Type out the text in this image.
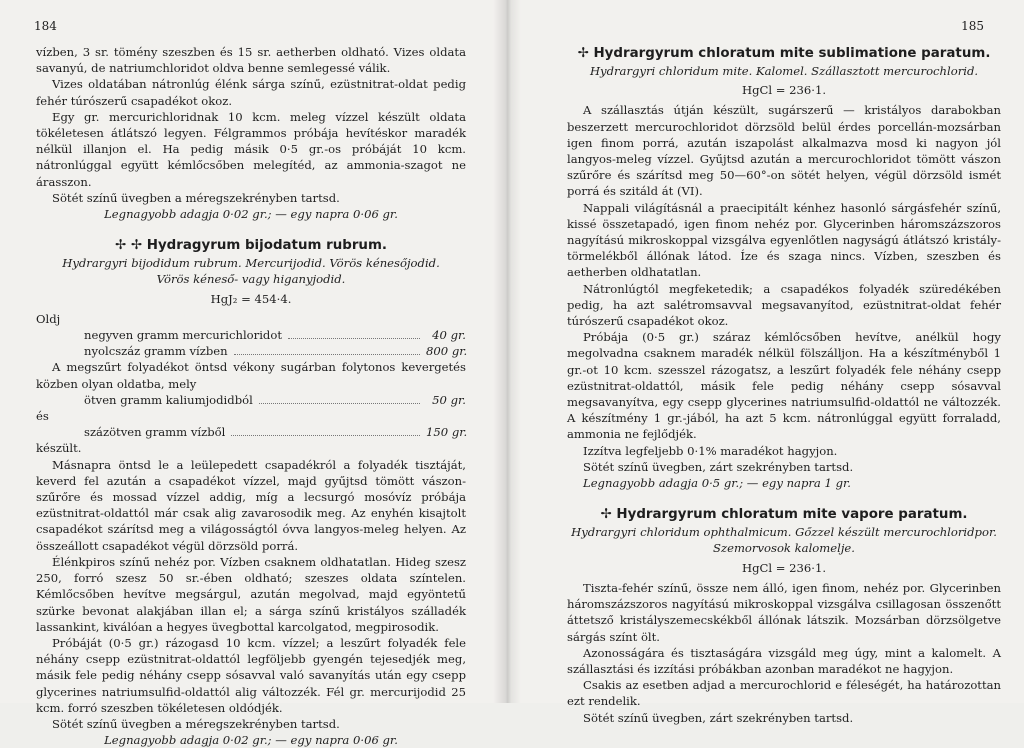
184

vízben, 3 sr. tömény szeszben és 15 sr. aetherben oldható. Vizes oldata savanyú, de natriumchloridot oldva benne semlegessé válik.

Vizes oldatában nátronlúg élénk sárga színű, ezüstnitrat-oldat pedig fehér túrószerű csapadékot okoz.

Egy gr. mercurichloridnak 10 kcm. meleg vízzel készült oldata tökéletesen átlátszó legyen. Félgrammos próbája hevítéskor maradék nélkül illanjon el. Ha pedig másik 0·5 gr.-os próbáját 10 kcm. nátronlúggal együtt kémlőcsőben melegítéd, az ammonia-szagot ne árasszon.

Sötét színű üvegben a méregszekrényben tartsd.

Legnagyobb adagja 0·02 gr.; — egy napra 0·06 gr.

✢ ✢ Hydragyrum bijodatum rubrum.

Hydrargyri bijodidum rubrum. Mercurijodid. Vörös kénesőjodid.

Vörös kéneső- vagy higanyjodid.

HgJ₂ = 454·4.

Oldj

negyven gramm mercurichloridot	40 gr.
nyolcszáz gramm vízben	800 gr.

A megszűrt folyadékot öntsd vékony sugárban folytonos kevergetés közben olyan oldatba, mely

ötven gramm kaliumjodidból	50 gr.

és

százötven gramm vízből	150 gr.

készült.

Másnapra öntsd le a leülepedett csapadékról a folyadék tisztáját, keverd fel azután a csapadékot vízzel, majd gyűjtsd tömött vászon-szűrőre és mossad vízzel addig, míg a lecsurgó mosóvíz próbája ezüstnitrat-oldattól már csak alig zavarosodik meg. Az enyhén kisajtolt csapadékot szárítsd meg a világosságtól óvva langyos-meleg helyen. Az összeállott csapadékot végül dörzsöld porrá.

Élénkpiros színű nehéz por. Vízben csaknem oldhatatlan. Hideg szesz 250, forró szesz 50 sr.-ében oldható; szeszes oldata színtelen. Kémlőcsőben hevítve megsárgul, azután megolvad, majd egyöntetű szürke bevonat alakjában illan el; a sárga színű kristályos szálladék lassankint, kiválóan a hegyes üvegbottal karcolgatod, megpirosodik.

Próbáját (0·5 gr.) rázogasd 10 kcm. vízzel; a leszűrt folyadék fele néhány csepp ezüstnitrat-oldattól legföljebb gyengén tejesedjék meg, másik fele pedig néhány csepp sósavval való savanyítás után egy csepp glycerines natriumsulfid-oldattól alig változzék. Fél gr. mercurijodid 25 kcm. forró szeszben tökéletesen oldódjék.

Sötét színű üvegben a méregszekrényben tartsd.

Legnagyobb adagja 0·02 gr.; — egy napra 0·06 gr.

185
✢ Hydrargyrum chloratum mite sublimatione paratum.

Hydrargyri chloridum mite. Kalomel. Szállasztott mercurochlorid.

HgCl = 236·1.

A szállasztás útján készült, sugárszerű — kristályos darabokban beszerzett mercurochloridot dörzsöld belül érdes porcellán-mozsárban igen finom porrá, azután iszapolást alkalmazva mosd ki nagyon jól langyos-meleg vízzel. Gyűjtsd azután a mercurochloridot tömött vászon szűrőre és szárítsd meg 50—60°-on sötét helyen, végül dörzsöld ismét porrá és szitáld át (VI).

Nappali világításnál a praecipitált kénhez hasonló sárgásfehér színű, kissé összetapadó, igen finom nehéz por. Glycerinben háromszázszoros nagyítású mikroskoppal vizsgálva egyenlőtlen nagyságú átlátszó kristály-törmelékből állónak látod. Íze és szaga nincs. Vízben, szeszben és aetherben oldhatatlan.

Nátronlúgtól megfeketedik; a csapadékos folyadék szüredékében pedig, ha azt salétromsavval megsavanyítod, ezüstnitrat-oldat fehér túrószerű csapadékot okoz.

Próbája (0·5 gr.) száraz kémlőcsőben hevítve, anélkül hogy megolvadna csaknem maradék nélkül fölszálljon. Ha a készítményből 1 gr.-ot 10 kcm. szesszel rázogatsz, a leszűrt folyadék fele néhány csepp ezüstnitrat-oldattól, másik fele pedig néhány csepp sósavval megsavanyítva, egy csepp glycerines natriumsulfid-oldattól ne változzék. A készítmény 1 gr.-jából, ha azt 5 kcm. nátronlúggal együtt forraladd, ammonia ne fejlődjék.

Izzítva legfeljebb 0·1% maradékot hagyjon.

Sötét színű üvegben, zárt szekrényben tartsd.

Legnagyobb adagja 0·5 gr.; — egy napra 1 gr.

✢ Hydrargyrum chloratum mite vapore paratum.

Hydrargyri chloridum ophthalmicum. Gőzzel készült mercurochloridpor.

Szemorvosok kalomelje.

HgCl = 236·1.

Tiszta-fehér színű, össze nem álló, igen finom, nehéz por. Glycerinben háromszázszoros nagyítású mikroskoppal vizsgálva csillagosan összenőtt áttetsző kristályszemecskékből állónak látszik. Mozsárban dörzsölgetve sárgás színt ölt.

Azonosságára és tisztaságára vizsgáld meg úgy, mint a kalomelt. A szállasztási és izzítási próbákban azonban maradékot ne hagyjon.

Csakis az esetben adjad a mercurochlorid e féleségét, ha határozottan ezt rendelik.

Sötét színű üvegben, zárt szekrényben tartsd.
